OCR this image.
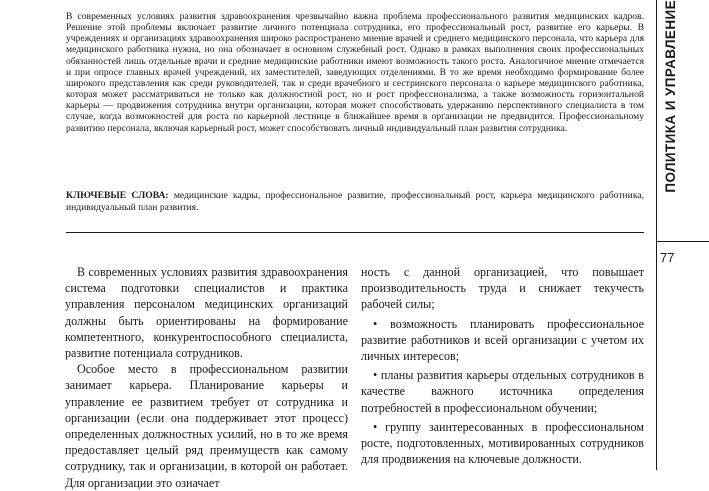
В современных условиях развития здравоохранения чрезвычайно важна проблема профессионального развития медицинских кадров. Решение этой проблемы включает развитие личного потенциала сотрудника, его профессиональный рост, развитие его карьеры. В учреждениях и организациях здравоохранения широко распространено мнение врачей и среднего медицинского персонала, что карьера для медицинского работника нужна, но она обозначает в основном служебный рост. Однако в рамках выполнения своих профессиональных обязанностей лишь отдельные врачи и средние медицинские работники имеют возможность такого роста. Аналогичное мнение отмечается и при опросе главных врачей учреждений, их заместителей, заведующих отделениями. В то же время необходимо формирование более широкого представления как среди руководителей, так и среди врачебного и сестринского персонала о карьере медицинского работника, которая может рассматриваться не только как должностной рост, но и рост профессионализма, а также возможность горизонтальной карьеры — продвижения сотрудника внутри организации, которая может способствовать удержанию перспективного специалиста в том случае, когда возможностей для роста по карьерной лестнице в ближайшее время в организации не предвидится. Профессиональному развитию персонала, включая карьерный рост, может способствовать личный индивидуальный план развития сотрудника.

КЛЮЧЕВЫЕ СЛОВА: медицинские кадры, профессиональное развитие, профессиональный рост, карьера медицинского работника, индивидуальный план развития.

В современных условиях развития здравоохранения система подготовки специалистов и практика управления персоналом медицинских организаций должны быть ориентированы на формирование компетентного, конкурентоспособного специалиста, развитие потенциала сотрудников.

Особое место в профессиональном развитии занимает карьера. Планирование карьеры и управление ее развитием требует от сотрудника и организации (если она поддерживает этот процесс) определенных должностных усилий, но в то же время предоставляет целый ряд преимуществ как самому сотруднику, так и организации, в которой он работает. Для организации это означает

ность с данной организацией, что повышает производительность труда и снижает текучесть рабочей силы;

• возможность планировать профессиональное развитие работников и всей организации с учетом их личных интересов;

• планы развития карьеры отдельных сотрудников в качестве важного источника определения потребностей в профессиональном обучении;

• группу заинтересованных в профессиональном росте, подготовленных, мотивированных сотрудников для продвижения на ключевые должности.

ПОЛИТИКА И УПРАВЛЕНИЕ
77
